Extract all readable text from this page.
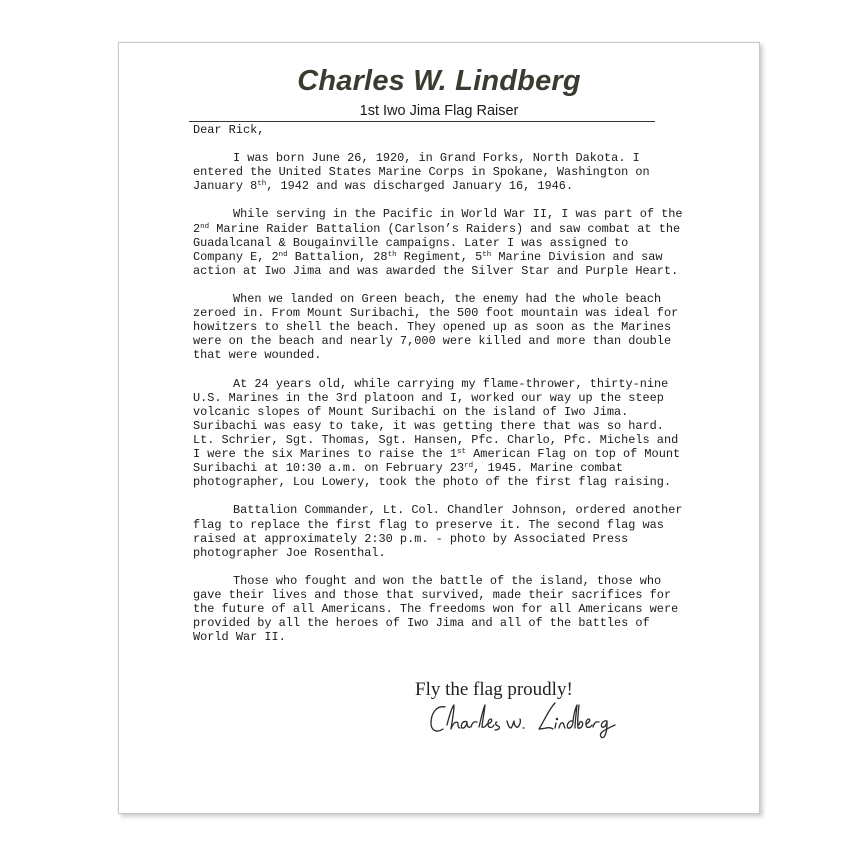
Charles W. Lindberg
1st Iwo Jima Flag Raiser
Dear Rick,

I was born June 26, 1920, in Grand Forks, North Dakota. I entered the United States Marine Corps in Spokane, Washington on January 8th, 1942 and was discharged January 16, 1946.

While serving in the Pacific in World War II, I was part of the 2nd Marine Raider Battalion (Carlson’s Raiders) and saw combat at the Guadalcanal & Bougainville campaigns. Later I was assigned to Company E, 2nd Battalion, 28th Regiment, 5th Marine Division and saw action at Iwo Jima and was awarded the Silver Star and Purple Heart.

When we landed on Green beach, the enemy had the whole beach zeroed in. From Mount Suribachi, the 500 foot mountain was ideal for howitzers to shell the beach. They opened up as soon as the Marines were on the beach and nearly 7,000 were killed and more than double that were wounded.

At 24 years old, while carrying my flame-thrower, thirty-nine U.S. Marines in the 3rd platoon and I, worked our way up the steep volcanic slopes of Mount Suribachi on the island of Iwo Jima. Suribachi was easy to take, it was getting there that was so hard. Lt. Schrier, Sgt. Thomas, Sgt. Hansen, Pfc. Charlo, Pfc. Michels and I were the six Marines to raise the 1st American Flag on top of Mount Suribachi at 10:30 a.m. on February 23rd, 1945. Marine combat photographer, Lou Lowery, took the photo of the first flag raising.

Battalion Commander, Lt. Col. Chandler Johnson, ordered another flag to replace the first flag to preserve it. The second flag was raised at approximately 2:30 p.m. - photo by Associated Press photographer Joe Rosenthal.

Those who fought and won the battle of the island, those who gave their lives and those that survived, made their sacrifices for the future of all Americans. The freedoms won for all Americans were provided by all the heroes of Iwo Jima and all of the battles of World War II.

Fly the flag proudly!
